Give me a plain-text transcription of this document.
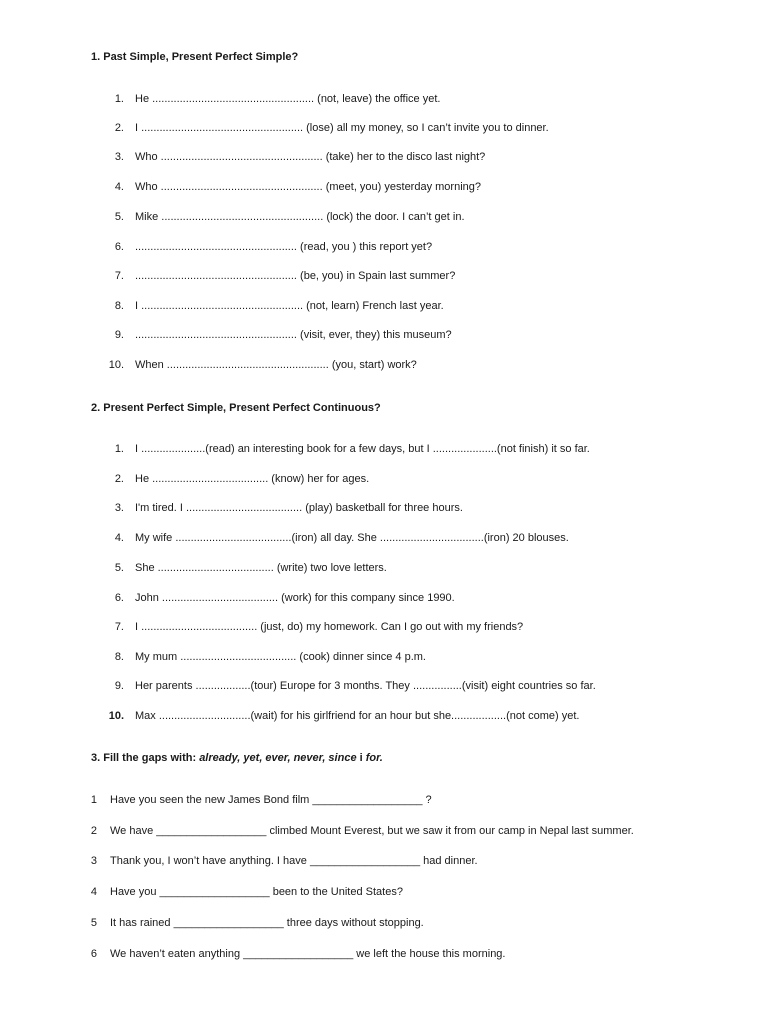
1. Past Simple, Present Perfect Simple?
1. He ..................................................... (not, leave) the office yet.
2. I ..................................................... (lose) all my money, so I can’t invite you to dinner.
3. Who ..................................................... (take) her to the disco last night?
4. Who ..................................................... (meet, you) yesterday morning?
5. Mike ..................................................... (lock) the door. I can’t get in.
6. ..................................................... (read, you ) this report yet?
7. ..................................................... (be, you) in Spain last summer?
8. I ..................................................... (not, learn) French last year.
9. ..................................................... (visit, ever, they) this museum?
10. When ..................................................... (you, start) work?
2. Present Perfect Simple, Present Perfect Continuous?
1. I .....................(read) an interesting book for a few days, but I .....................(not finish) it so far.
2. He ...................................... (know) her for ages.
3. I'm tired. I ...................................... (play) basketball for three hours.
4. My wife ......................................(iron) all day. She ..................................(iron) 20 blouses.
5. She ...................................... (write) two love letters.
6. John ...................................... (work) for this company since 1990.
7. I ...................................... (just, do) my homework. Can I go out with my friends?
8. My mum ...................................... (cook) dinner since 4 p.m.
9. Her parents ..................(tour) Europe for 3 months. They ................(visit) eight countries so far.
10. Max ..............................(wait) for his girlfriend for an hour but she..................(not come) yet.
3. Fill the gaps with: already, yet, ever, never, since i for.
1 Have you seen the new James Bond film __________________ ?
2 We have __________________ climbed Mount Everest, but we saw it from our camp in Nepal last summer.
3 Thank you, I won’t have anything. I have __________________ had dinner.
4 Have you __________________ been to the United States?
5 It has rained __________________ three days without stopping.
6 We haven’t eaten anything __________________ we left the house this morning.
